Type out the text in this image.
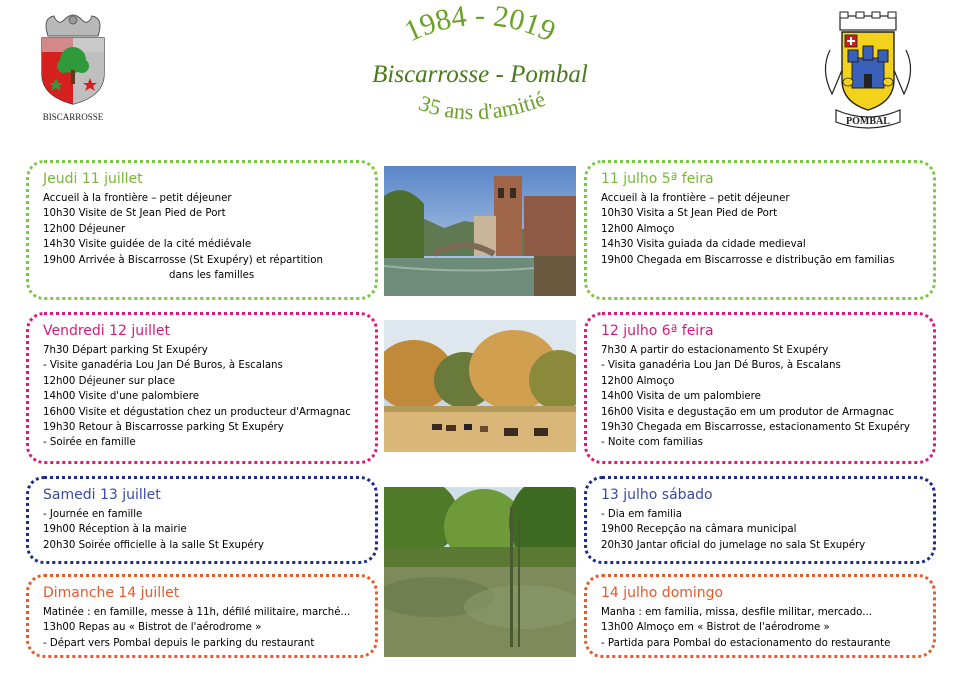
BISCARROSSE
1984 - 2019
Biscarrosse - Pombal
35 ans d'amitié
POMBAL
Jeudi 11 juillet
Accueil à la frontière – petit déjeuner
10h30 Visite de St Jean Pied de Port
12h00 Déjeuner
14h30 Visite guidée de la cité médiévale
19h00 Arrivée à Biscarrosse (St Exupéry) et répartition
dans les familles
Vendredi 12 juillet
7h30 Départ parking St Exupéry
- Visite ganadéria Lou Jan Dé Buros, à Escalans
12h00 Déjeuner sur place
14h00 Visite d'une palombiere
16h00 Visite et dégustation chez un producteur d'Armagnac
19h30 Retour à Biscarrosse parking St Exupéry
- Soirée en famille
Samedi 13 juillet
- Journée en famille
19h00 Réception à la mairie
20h30 Soirée officielle à la salle St Exupéry
Dimanche 14 juillet
Matinée : en famille, messe à 11h, défilé militaire, marché...
13h00 Repas au « Bistrot de l'aérodrome »
- Départ vers Pombal depuis le parking du restaurant
11 julho 5ª feira
Accueil à la frontière – petit déjeuner
10h30 Visita a St Jean Pied de Port
12h00 Almoço
14h30 Visita guiada da cidade medieval
19h00 Chegada em Biscarrosse e distribução em familias
12 julho 6ª feira
7h30 A partir do estacionamento St Exupéry
- Visita ganadéria Lou Jan Dé Buros, à Escalans
12h00 Almoço
14h00 Visita de um palombiere
16h00 Visita e degustação em um produtor de Armagnac
19h30 Chegada em Biscarrosse, estacionamento St Exupéry
- Noite com familias
13 julho sábado
- Dia em familia
19h00 Recepção na câmara municipal
20h30 Jantar oficial do jumelage no sala St Exupéry
14 julho domingo
Manha : em familia, missa, desfile militar, mercado...
13h00 Almoço em « Bistrot de l'aérodrome »
- Partida para Pombal do estacionamento do restaurante
